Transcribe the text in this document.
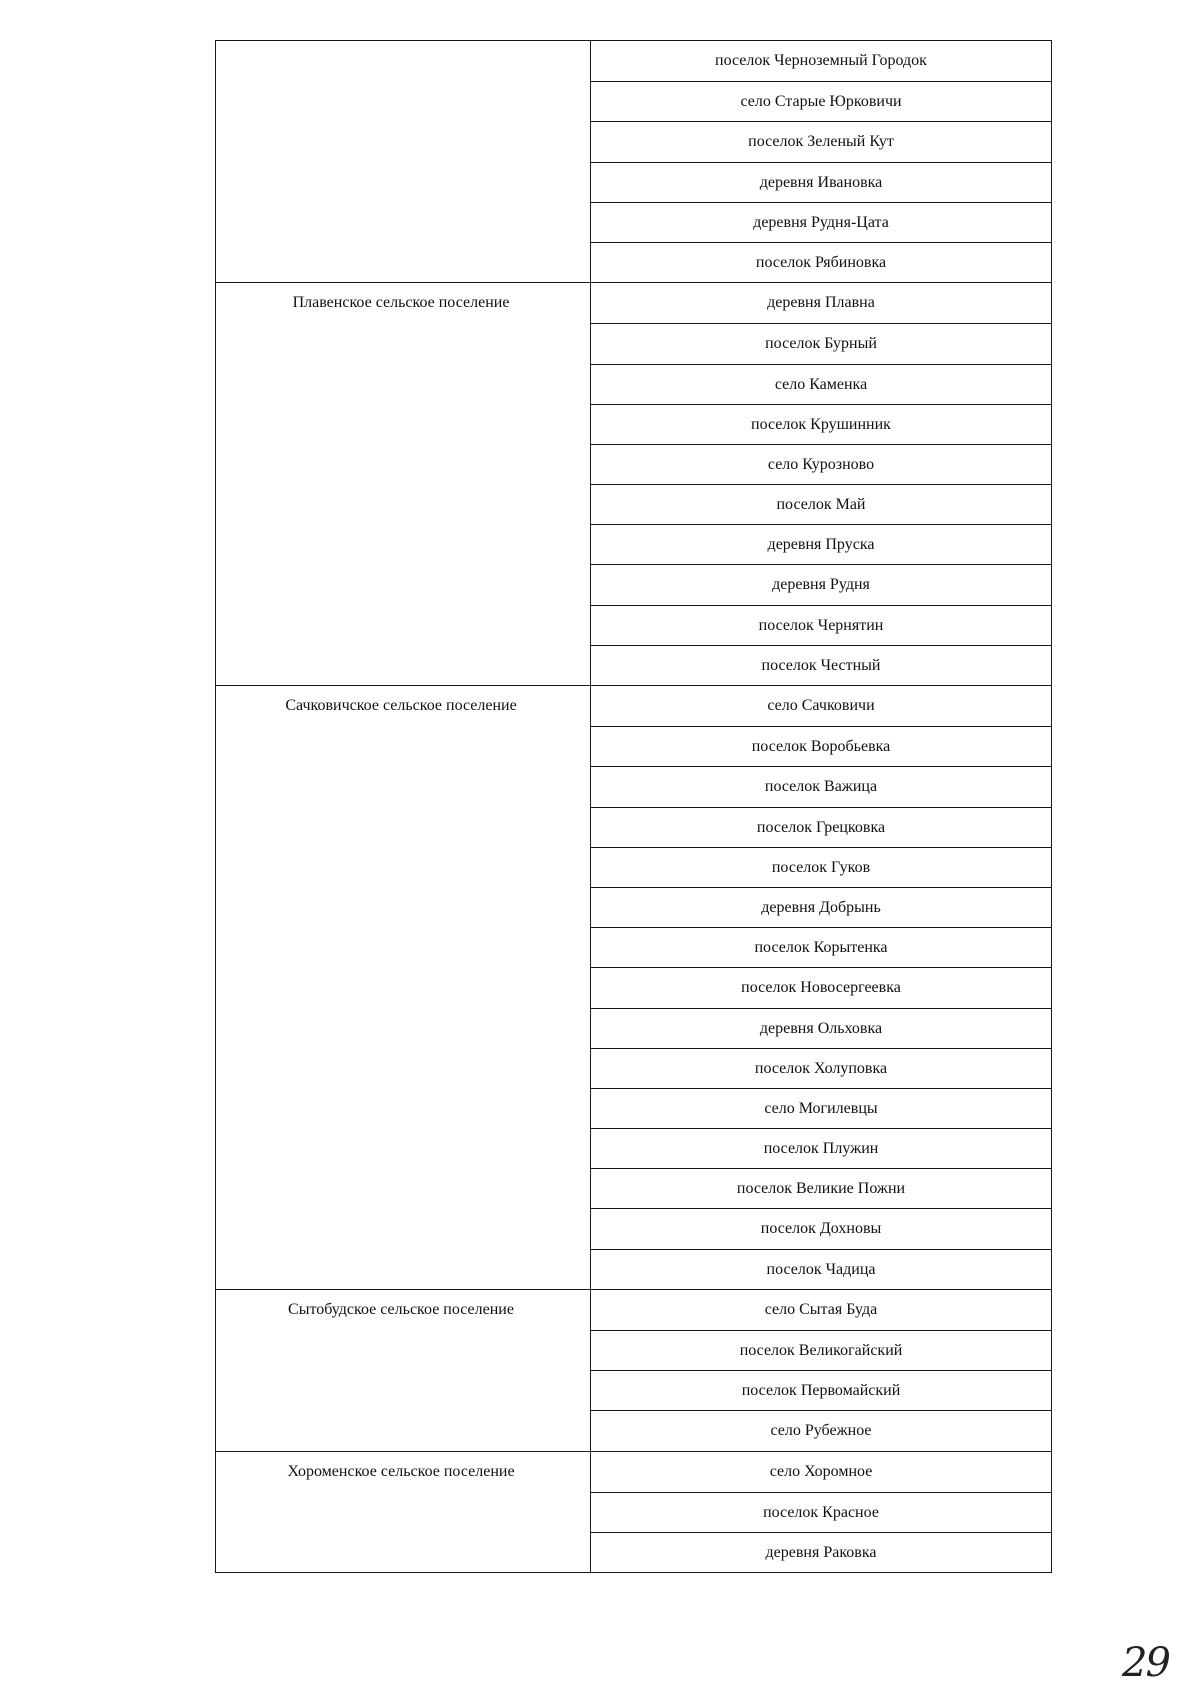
поселок Черноземный Городок
село Старые Юрковичи
поселок Зеленый Кут
деревня Ивановка
деревня Рудня-Цата
поселок Рябиновка
Плавенское сельское поселение	деревня Плавна
поселок Бурный
село Каменка
поселок Крушинник
село Курозново
поселок Май
деревня Пруска
деревня Рудня
поселок Чернятин
поселок Честный
Сачковичское сельское поселение	село Сачковичи
поселок Воробьевка
поселок Важица
поселок Грецковка
поселок Гуков
деревня Добрынь
поселок Корытенка
поселок Новосергеевка
деревня Ольховка
поселок Холуповка
село Могилевцы
поселок Плужин
поселок Великие Пожни
поселок Дохновы
поселок Чадица
Сытобудское сельское поселение	село Сытая Буда
поселок Великогайский
поселок Первомайский
село Рубежное
Хороменское сельское поселение	село Хоромное
поселок Красное
деревня Раковка
29
